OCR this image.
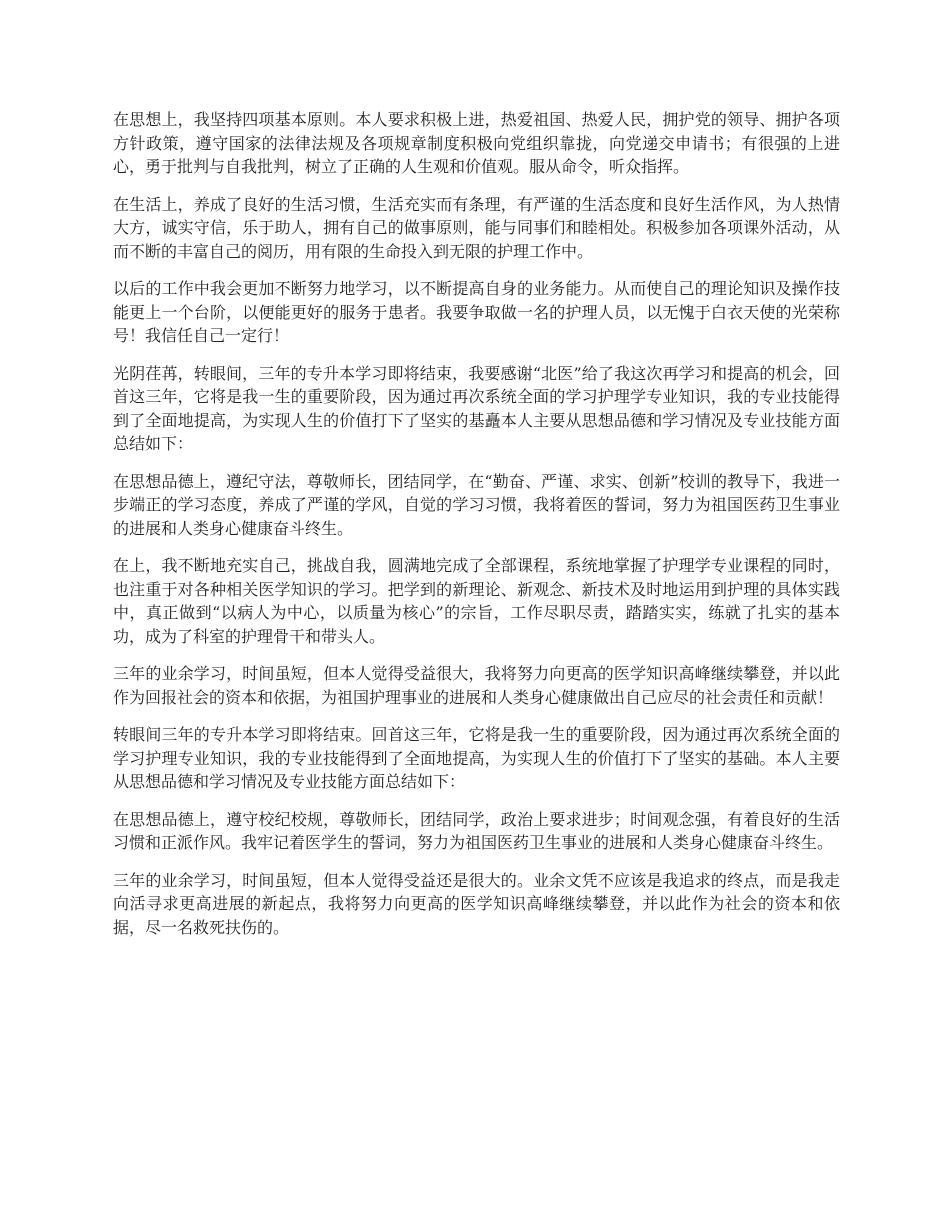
在思想上，我坚持四项基本原则。本人要求积极上进，热爱祖国、热爱人民，拥护党的领导、拥护各项方针政策，遵守国家的法律法规及各项规章制度积极向党组织靠拢，向党递交申请书；有很强的上进心，勇于批判与自我批判，树立了正确的人生观和价值观。服从命令，听众指挥。

在生活上，养成了良好的生活习惯，生活充实而有条理，有严谨的生活态度和良好生活作风，为人热情大方，诚实守信，乐于助人，拥有自己的做事原则，能与同事们和睦相处。积极参加各项课外活动，从而不断的丰富自己的阅历，用有限的生命投入到无限的护理工作中。

以后的工作中我会更加不断努力地学习，以不断提高自身的业务能力。从而使自己的理论知识及操作技能更上一个台阶，以便能更好的服务于患者。我要争取做一名的护理人员，以无愧于白衣天使的光荣称号！我信任自己一定行！

光阴荏苒，转眼间，三年的专升本学习即将结束，我要感谢“北医”给了我这次再学习和提高的机会，回首这三年，它将是我一生的重要阶段，因为通过再次系统全面的学习护理学专业知识，我的专业技能得到了全面地提高，为实现人生的价值打下了坚实的基矗本人主要从思想品德和学习情况及专业技能方面总结如下：

在思想品德上，遵纪守法，尊敬师长，团结同学，在“勤奋、严谨、求实、创新”校训的教导下，我进一步端正的学习态度，养成了严谨的学风，自觉的学习习惯，我将着医的誓词，努力为祖国医药卫生事业的进展和人类身心健康奋斗终生。

在上，我不断地充实自己，挑战自我，圆满地完成了全部课程，系统地掌握了护理学专业课程的同时，也注重于对各种相关医学知识的学习。把学到的新理论、新观念、新技术及时地运用到护理的具体实践中，真正做到“以病人为中心，以质量为核心”的宗旨，工作尽职尽责，踏踏实实，练就了扎实的基本功，成为了科室的护理骨干和带头人。

三年的业余学习，时间虽短，但本人觉得受益很大，我将努力向更高的医学知识高峰继续攀登，并以此作为回报社会的资本和依据，为祖国护理事业的进展和人类身心健康做出自己应尽的社会责任和贡献！

转眼间三年的专升本学习即将结束。回首这三年，它将是我一生的重要阶段，因为通过再次系统全面的学习护理专业知识，我的专业技能得到了全面地提高，为实现人生的价值打下了坚实的基础。本人主要从思想品德和学习情况及专业技能方面总结如下：

在思想品德上，遵守校纪校规，尊敬师长，团结同学，政治上要求进步；时间观念强，有着良好的生活习惯和正派作风。我牢记着医学生的誓词，努力为祖国医药卫生事业的进展和人类身心健康奋斗终生。

三年的业余学习，时间虽短，但本人觉得受益还是很大的。业余文凭不应该是我追求的终点，而是我走向活寻求更高进展的新起点，我将努力向更高的医学知识高峰继续攀登，并以此作为社会的资本和依据，尽一名救死扶伤的。
